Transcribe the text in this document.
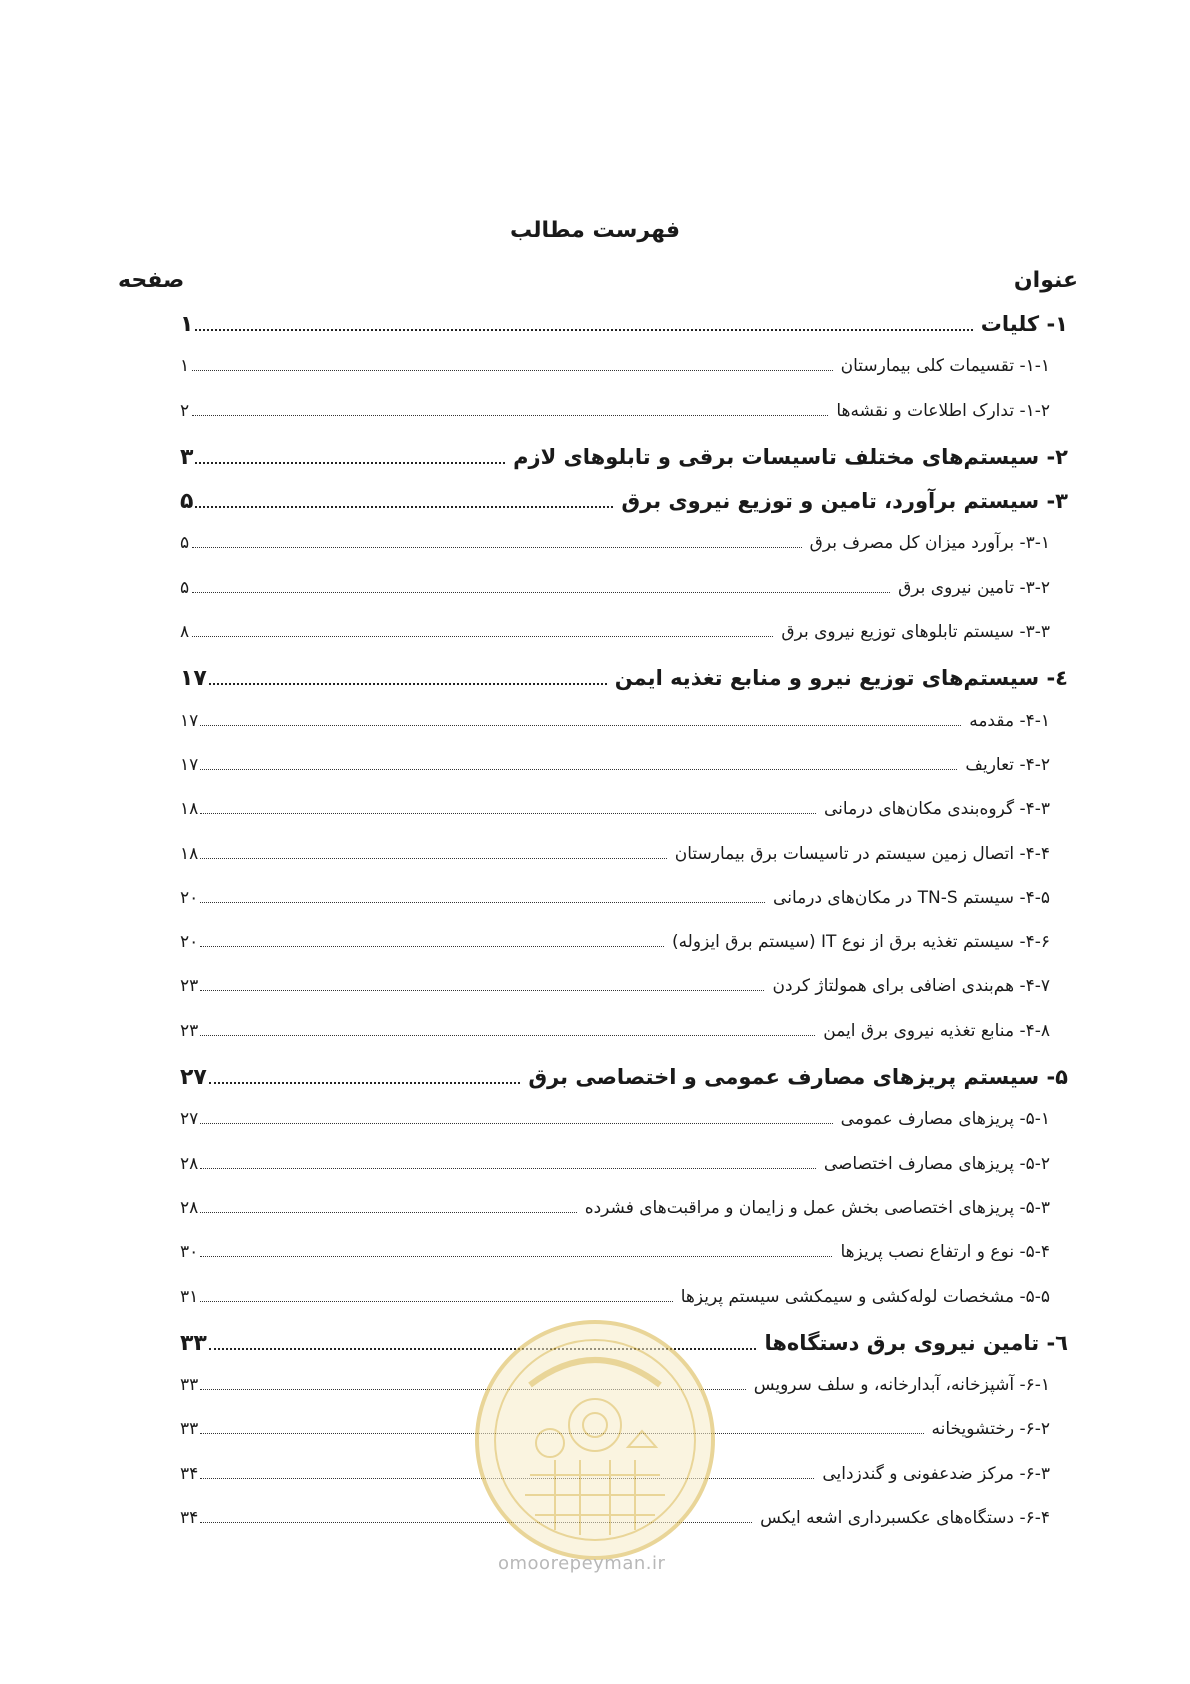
فهرست مطالب
عنوان
صفحه
۱- کلیات
۱
۱-۱- تقسیمات کلی بیمارستان
۱
۱-۲- تدارک اطلاعات و نقشه‌ها
۲
۲- سیستم‌های مختلف تاسیسات برقی و تابلوهای لازم
۳
۳- سیستم برآورد، تامین و توزیع نیروی برق
۵
۳-۱- برآورد میزان کل مصرف برق
۵
۳-۲- تامین نیروی برق
۵
۳-۳- سیستم تابلوهای توزیع نیروی برق
۸
٤- سیستم‌های توزیع نیرو و منابع تغذیه ایمن
۱۷
۴-۱- مقدمه
۱۷
۴-۲- تعاریف
۱۷
۴-۳- گروه‌بندی مکان‌های درمانی
۱۸
۴-۴- اتصال زمین سیستم در تاسیسات برق بیمارستان
۱۸
۴-۵- سیستم TN-S در مکان‌های درمانی
۲۰
۴-۶- سیستم تغذیه برق از نوع IT (سیستم برق ایزوله)
۲۰
۴-۷- هم‌بندی اضافی برای همولتاژ کردن
۲۳
۴-۸- منابع تغذیه نیروی برق ایمن
۲۳
۵- سیستم پریزهای مصارف عمومی و اختصاصی برق
۲۷
۵-۱- پریزهای مصارف عمومی
۲۷
۵-۲- پریزهای مصارف اختصاصی
۲۸
۵-۳- پریزهای اختصاصی بخش عمل و زایمان و مراقبت‌های فشرده
۲۸
۵-۴- نوع و ارتفاع نصب پریزها
۳۰
۵-۵- مشخصات لوله‌کشی و سیمکشی سیستم پریزها
۳۱
٦- تامین نیروی برق دستگاه‌ها
۳۳
۶-۱- آشپزخانه، آبدارخانه، و سلف سرویس
۳۳
۶-۲- رختشویخانه
۳۳
۶-۳- مرکز ضدعفونی و گندزدایی
۳۴
۶-۴- دستگاه‌های عکسبرداری اشعه ایکس
۳۴
omoorepeyman.ir
